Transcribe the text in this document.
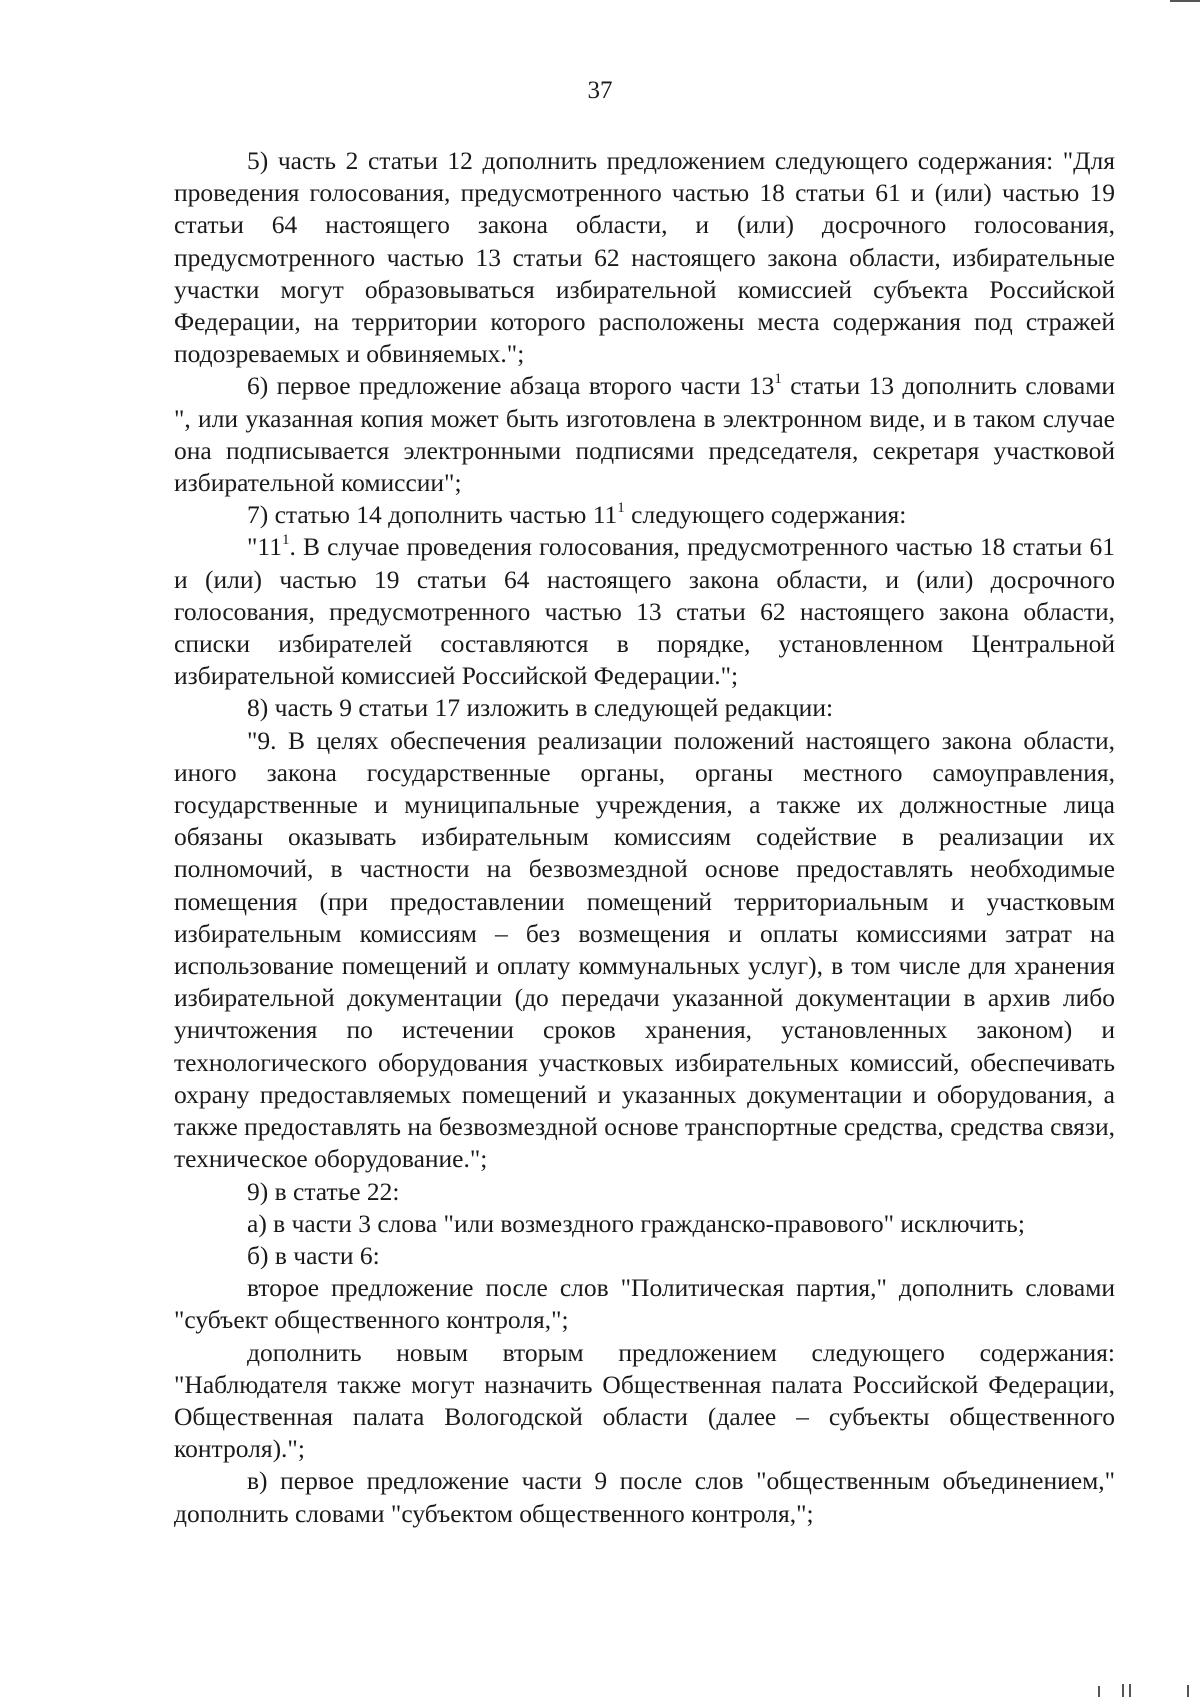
37

5) часть 2 статьи 12 дополнить предложением следующего содержания: "Для проведения голосования, предусмотренного частью 18 статьи 61 и (или) частью 19 статьи 64 настоящего закона области, и (или) досрочного голосования, предусмотренного частью 13 статьи 62 настоящего закона области, избирательные участки могут образовываться избирательной комиссией субъекта Российской Федерации, на территории которого расположены места содержания под стражей подозреваемых и обвиняемых.";

6) первое предложение абзаца второго части $13^1$ статьи 13 дополнить словами ", или указанная копия может быть изготовлена в электронном виде, и в таком случае она подписывается электронными подписями председателя, секретаря участковой избирательной комиссии";

7) статью 14 дополнить частью $11^1$ следующего содержания:

"$11^1$. В случае проведения голосования, предусмотренного частью 18 статьи 61 и (или) частью 19 статьи 64 настоящего закона области, и (или) досрочного голосования, предусмотренного частью 13 статьи 62 настоящего закона области, списки избирателей составляются в порядке, установленном Центральной избирательной комиссией Российской Федерации.";

8) часть 9 статьи 17 изложить в следующей редакции:

"9. В целях обеспечения реализации положений настоящего закона области, иного закона государственные органы, органы местного самоуправления, государственные и муниципальные учреждения, а также их должностные лица обязаны оказывать избирательным комиссиям содействие в реализации их полномочий, в частности на безвозмездной основе предоставлять необходимые помещения (при предоставлении помещений территориальным и участковым избирательным комиссиям – без возмещения и оплаты комиссиями затрат на использование помещений и оплату коммунальных услуг), в том числе для хранения избирательной документации (до передачи указанной документации в архив либо уничтожения по истечении сроков хранения, установленных законом) и технологического оборудования участковых избирательных комиссий, обеспечивать охрану предоставляемых помещений и указанных документации и оборудования, а также предоставлять на безвозмездной основе транспортные средства, средства связи, техническое оборудование.";

9) в статье 22:

а) в части 3 слова "или возмездного гражданско-правового" исключить;

б) в части 6:

второе предложение после слов "Политическая партия," дополнить словами "субъект общественного контроля,";

дополнить новым вторым предложением следующего содержания: "Наблюдателя также могут назначить Общественная палата Российской Федерации, Общественная палата Вологодской области (далее – субъекты общественного контроля).";

в) первое предложение части 9 после слов "общественным объединением," дополнить словами "субъектом общественного контроля,";
